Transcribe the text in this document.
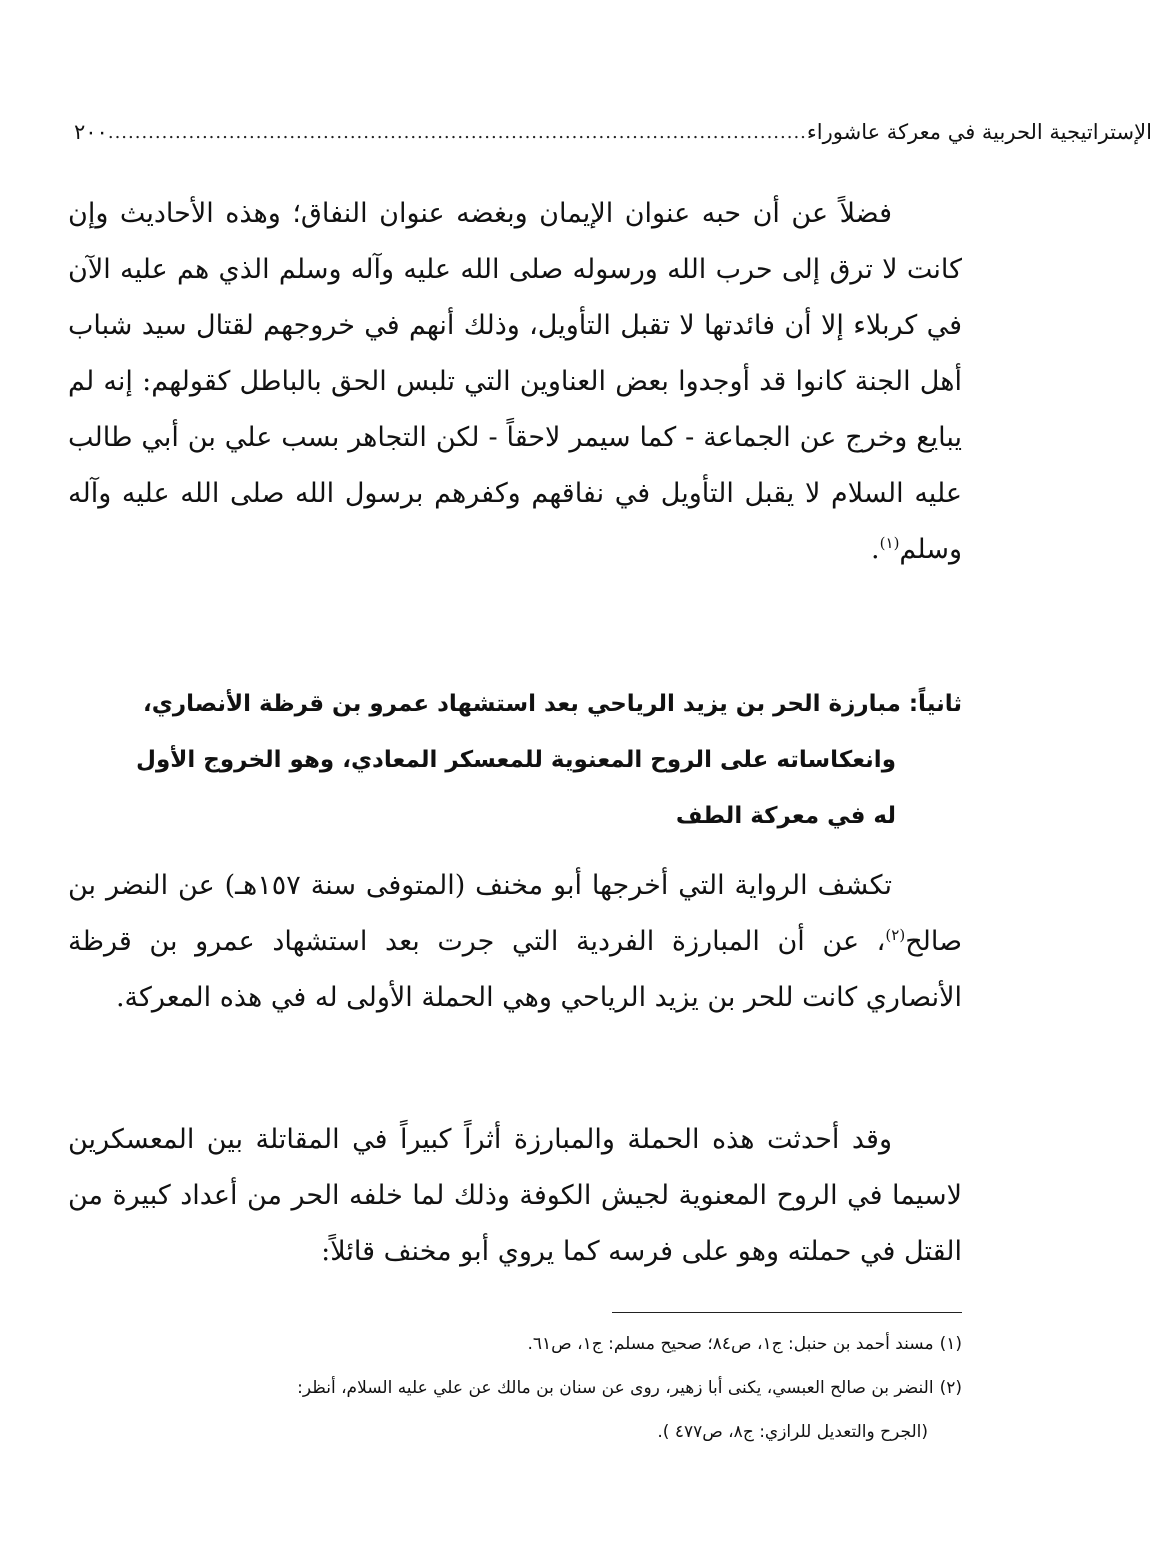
٢٠٠ ........................................................................................................ الإستراتيجية الحربية في معركة عاشوراء
فضلاً عن أن حبه عنوان الإيمان وبغضه عنوان النفاق؛ وهذه الأحاديث وإن كانت لا ترق إلى حرب الله ورسوله صلى الله عليه وآله وسلم الذي هم عليه الآن في كربلاء إلا أن فائدتها لا تقبل التأويل، وذلك أنهم في خروجهم لقتال سيد شباب أهل الجنة كانوا قد أوجدوا بعض العناوين التي تلبس الحق بالباطل كقولهم: إنه لم يبايع وخرج عن الجماعة - كما سيمر لاحقاً - لكن التجاهر بسب علي بن أبي طالب عليه السلام لا يقبل التأويل في نفاقهم وكفرهم برسول الله صلى الله عليه وآله وسلم$^{(١)}$.
ثانياً: مبارزة الحر بن يزيد الرياحي بعد استشهاد عمرو بن قرظة الأنصاري،
وانعكاساته على الروح المعنوية للمعسكر المعادي، وهو الخروج الأول
له في معركة الطف
تكشف الرواية التي أخرجها أبو مخنف (المتوفى سنة ١٥٧هـ) عن النضر بن صالح$^{(٢)}$، عن أن المبارزة الفردية التي جرت بعد استشهاد عمرو بن قرظة الأنصاري كانت للحر بن يزيد الرياحي وهي الحملة الأولى له في هذه المعركة.
وقد أحدثت هذه الحملة والمبارزة أثراً كبيراً في المقاتلة بين المعسكرين لاسيما في الروح المعنوية لجيش الكوفة وذلك لما خلفه الحر من أعداد كبيرة من القتل في حملته وهو على فرسه كما يروي أبو مخنف قائلاً:
(١)مسند أحمد بن حنبل: ج١، ص٨٤؛ صحيح مسلم: ج١، ص٦١.
(٢)النضر بن صالح العبسي، يكنى أبا زهير، روى عن سنان بن مالك عن علي عليه السلام، أنظر:
(الجرح والتعديل للرازي: ج٨، ص٤٧٧ ).
